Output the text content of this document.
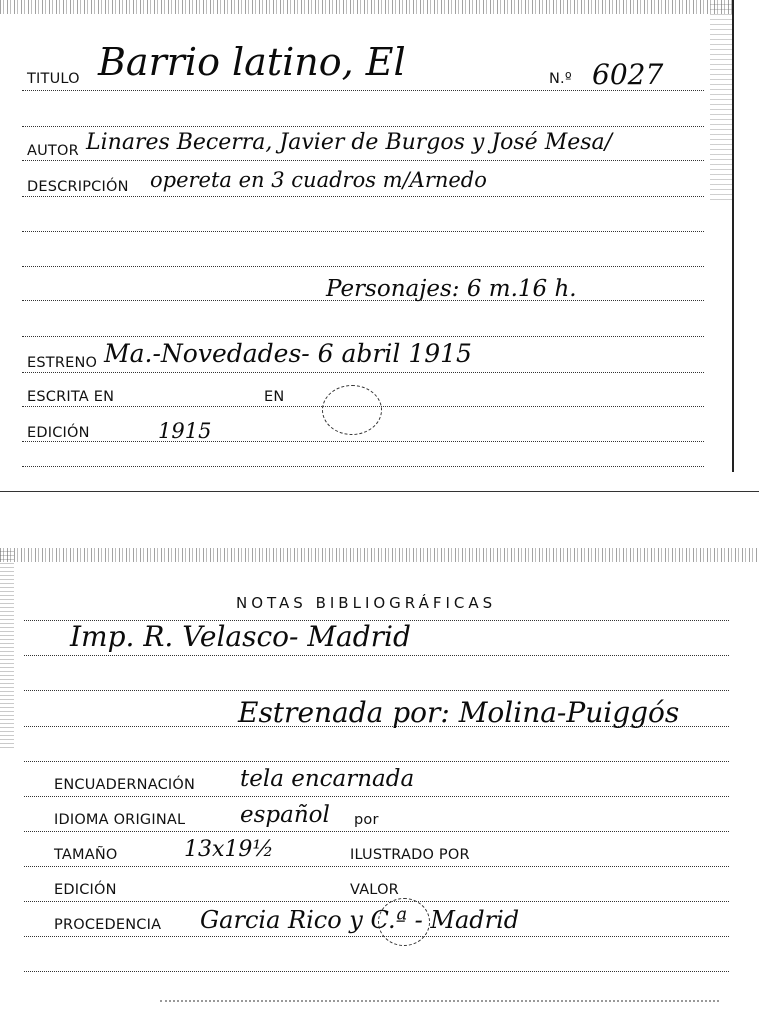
TITULO Barrio latino, El	N.º 6027
AUTOR Linares Becerra, Javier de Burgos y José Mesa/
DESCRIPCIÓN opereta en 3 cuadros m/Arnedo
Personajes: 6 m.16 h.
ESTRENO Ma.-Novedades- 6 abril 1915
ESCRITA EN	EN
EDICIÓN	1915
NOTAS BIBLIOGRÁFICAS
Imp. R. Velasco- Madrid
Estrenada por: Molina-Puiggós
ENCUADERNACIÓN tela encarnada
IDIOMA ORIGINAL español por
TAMAÑO	13x19½	ILUSTRADO POR
EDICIÓN	VALOR
PROCEDENCIA Garcia Rico y C.ª - Madrid
